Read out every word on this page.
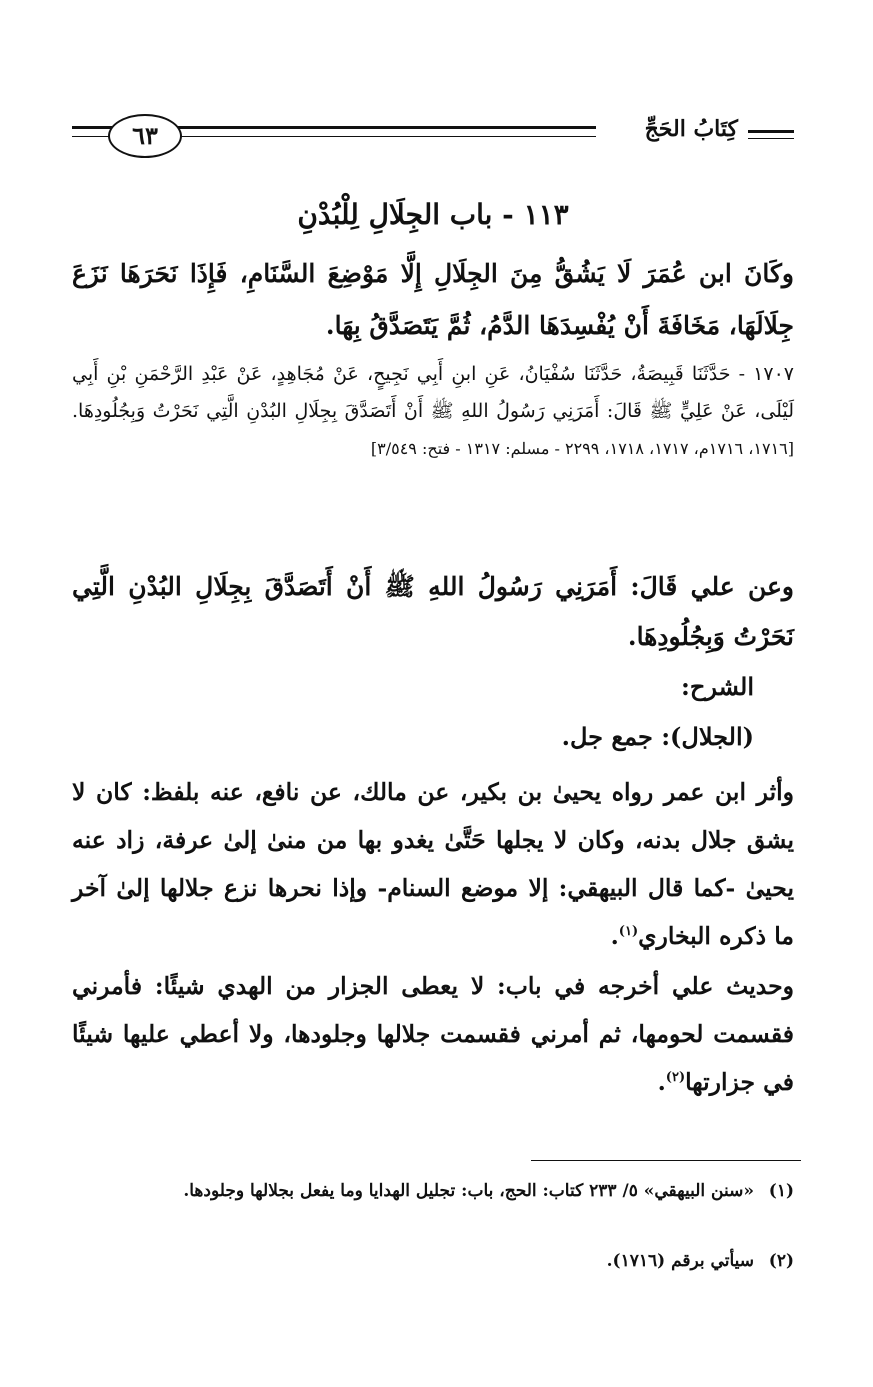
كِتَابُ الحَجِّ
٦٣
١١٣ - باب الجِلَالِ لِلْبُدْنِ
وكَانَ ابن عُمَرَ لَا يَشُقُّ مِنَ الجِلَالِ إِلَّا مَوْضِعَ السَّنَامِ، فَإِذَا نَحَرَهَا نَزَعَ جِلَالَهَا، مَخَافَةَ أَنْ يُفْسِدَهَا الدَّمُ، ثُمَّ يَتَصَدَّقُ بِهَا.
١٧٠٧ - حَدَّثَنَا قَبِيصَةُ، حَدَّثَنَا سُفْيَانُ، عَنِ ابنِ أَبِي نَجِيحٍ، عَنْ مُجَاهِدٍ، عَنْ عَبْدِ الرَّحْمَنِ بْنِ أَبِي لَيْلَى، عَنْ عَلِيٍّ ﷺ قَالَ: أَمَرَنِي رَسُولُ اللهِ ﷺ أَنْ أَتَصَدَّقَ بِجِلَالِ البُدْنِ الَّتِي نَحَرْتُ وَبِجُلُودِهَا. [١٧١٦، ١٧١٦م، ١٧١٧، ١٧١٨، ٢٢٩٩ - مسلم: ١٣١٧ - فتح: ٣/٥٤٩]
وعن علي قَالَ: أَمَرَنِي رَسُولُ اللهِ ﷺ أَنْ أَتَصَدَّقَ بِجِلَالِ البُدْنِ الَّتِي نَحَرْتُ وَبِجُلُودِهَا.
الشرح:
(الجلال): جمع جل.
وأثر ابن عمر رواه يحيىٰ بن بكير، عن مالك، عن نافع، عنه بلفظ: كان لا يشق جلال بدنه، وكان لا يجلها حَتَّىٰ يغدو بها من منىٰ إلىٰ عرفة، زاد عنه يحيىٰ -كما قال البيهقي: إلا موضع السنام- وإذا نحرها نزع جلالها إلىٰ آخر ما ذكره البخاري$^{(١)}$.
وحديث علي أخرجه في باب: لا يعطى الجزار من الهدي شيئًا: فأمرني فقسمت لحومها، ثم أمرني فقسمت جلالها وجلودها، ولا أعطي عليها شيئًا في جزارتها$^{(٢)}$.
(١)
«سنن البيهقي» ٥/ ٢٣٣ كتاب: الحج، باب: تجليل الهدايا وما يفعل بجلالها وجلودها.
(٢)
سيأتي برقم (١٧١٦).
